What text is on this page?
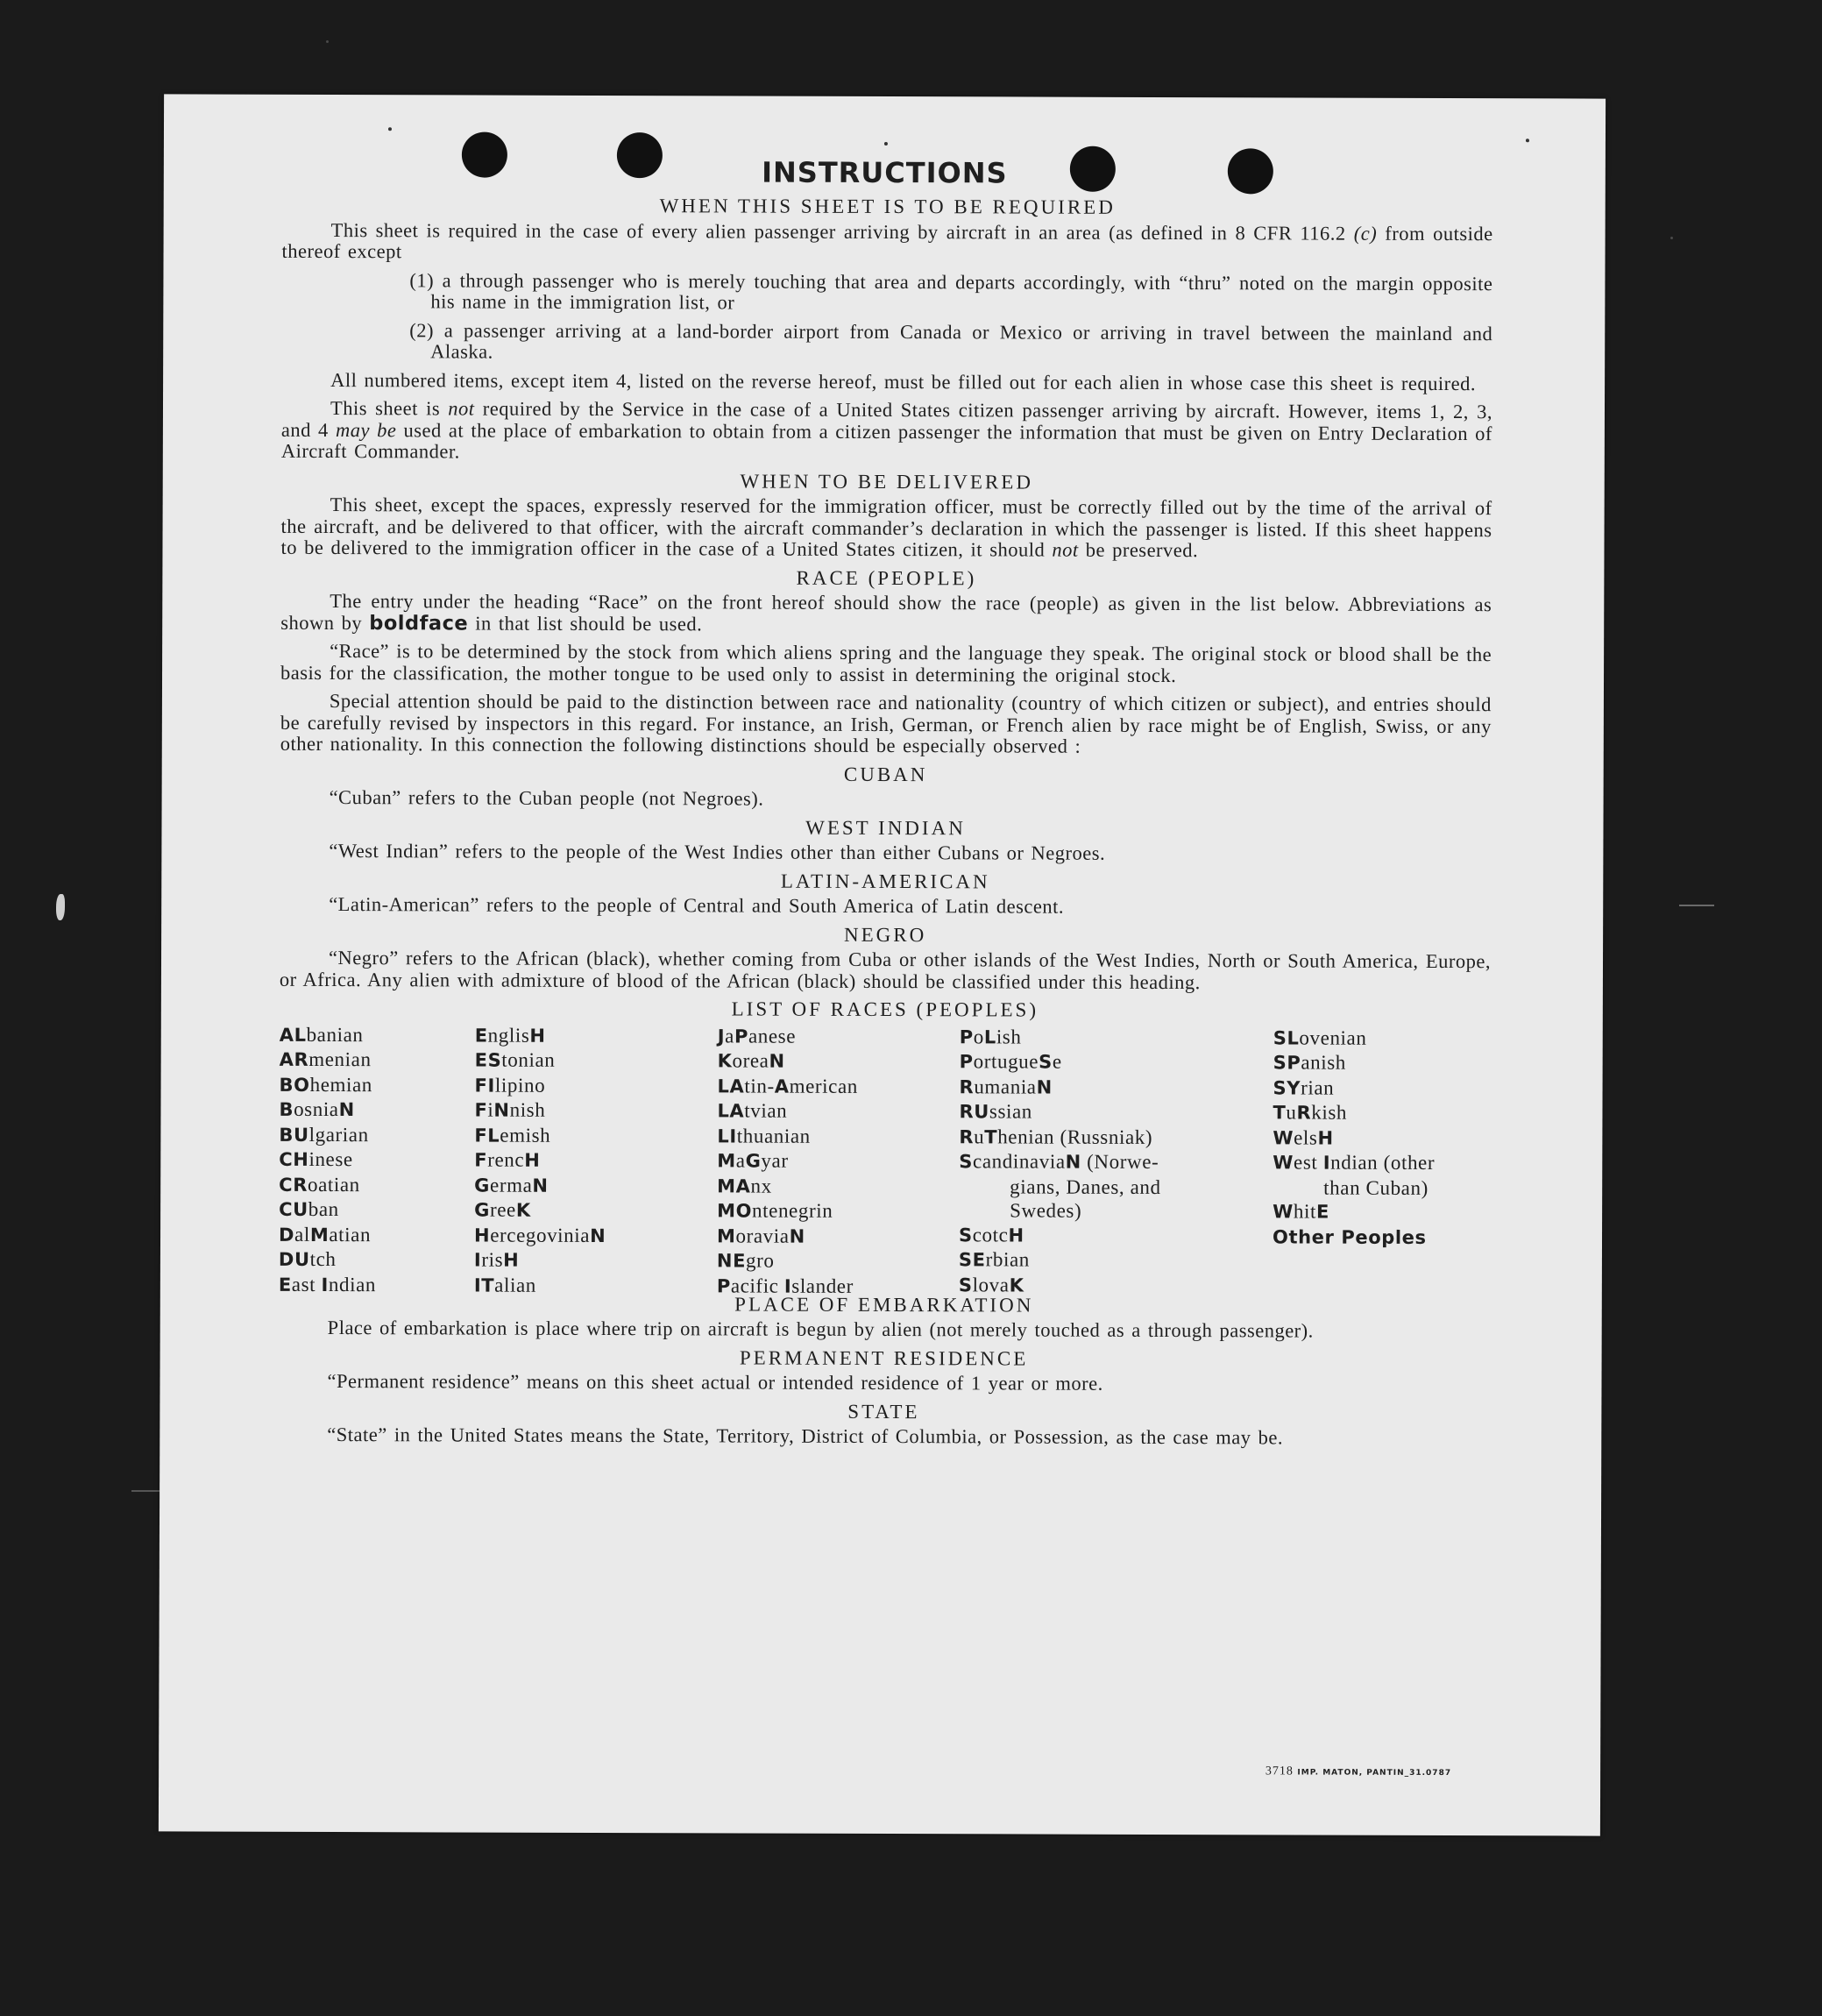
INSTRUCTIONS
WHEN THIS SHEET IS TO BE REQUIRED

This sheet is required in the case of every alien passenger arriving by aircraft in an area (as defined in 8 CFR 116.2 (c) from outside thereof except

(1) a through passenger who is merely touching that area and departs accordingly, with “thru” noted on the margin opposite his name in the immigration list, or

(2) a passenger arriving at a land-border airport from Canada or Mexico or arriving in travel between the mainland and Alaska.

All numbered items, except item 4, listed on the reverse hereof, must be filled out for each alien in whose case this sheet is required.

This sheet is not required by the Service in the case of a United States citizen passenger arriving by aircraft. However, items 1, 2, 3, and 4 may be used at the place of embarkation to obtain from a citizen passenger the information that must be given on Entry Declaration of Aircraft Commander.

WHEN TO BE DELIVERED

This sheet, except the spaces, expressly reserved for the immigration officer, must be correctly filled out by the time of the arrival of the aircraft, and be delivered to that officer, with the aircraft commander’s declaration in which the passenger is listed. If this sheet happens to be delivered to the immigration officer in the case of a United States citizen, it should not be preserved.

RACE (PEOPLE)

The entry under the heading “Race” on the front hereof should show the race (people) as given in the list below. Abbreviations as shown by boldface in that list should be used.

“Race” is to be determined by the stock from which aliens spring and the language they speak. The original stock or blood shall be the basis for the classification, the mother tongue to be used only to assist in determining the original stock.

Special attention should be paid to the distinction between race and nationality (country of which citizen or subject), and entries should be carefully revised by inspectors in this regard. For instance, an Irish, German, or French alien by race might be of English, Swiss, or any other nationality. In this connection the following distinctions should be especially observed :

CUBAN

“Cuban” refers to the Cuban people (not Negroes).

WEST INDIAN

“West Indian” refers to the people of the West Indies other than either Cubans or Negroes.

LATIN-AMERICAN

“Latin-American” refers to the people of Central and South America of Latin descent.

NEGRO

“Negro” refers to the African (black), whether coming from Cuba or other islands of the West Indies, North or South America, Europe, or Africa. Any alien with admixture of blood of the African (black) should be classified under this heading.

LIST OF RACES (PEOPLES)
ALbanian
ARmenian
BOhemian
BosniaN
BUlgarian
CHinese
CRoatian
CUban
DalMatian
DUtch
East Indian
EnglisH
EStonian
FIlipino
FiNnish
FLemish
FrencH
GermaN
GreeK
HercegoviniaN
IrisH
ITalian
JaPanese
KoreaN
LAtin-American
LAtvian
LIthuanian
MaGyar
MAnx
MOntenegrin
MoraviaN
NEgro
Pacific Islander
PoLish
PortugueSe
RumaniaN
RUssian
RuThenian (Russniak)
ScandinaviaN (Norwe-
gians, Danes, and
Swedes)
ScotcH
SErbian
SlovaK
SLovenian
SPanish
SYrian
TuRkish
WelsH
West Indian (other
than Cuban)
WhitE
Other Peoples
PLACE OF EMBARKATION

Place of embarkation is place where trip on aircraft is begun by alien (not merely touched as a through passenger).

PERMANENT RESIDENCE

“Permanent residence” means on this sheet actual or intended residence of 1 year or more.

STATE

“State” in the United States means the State, Territory, District of Columbia, or Possession, as the case may be.

3718 IMP. MATON, PANTIN_31.0787
